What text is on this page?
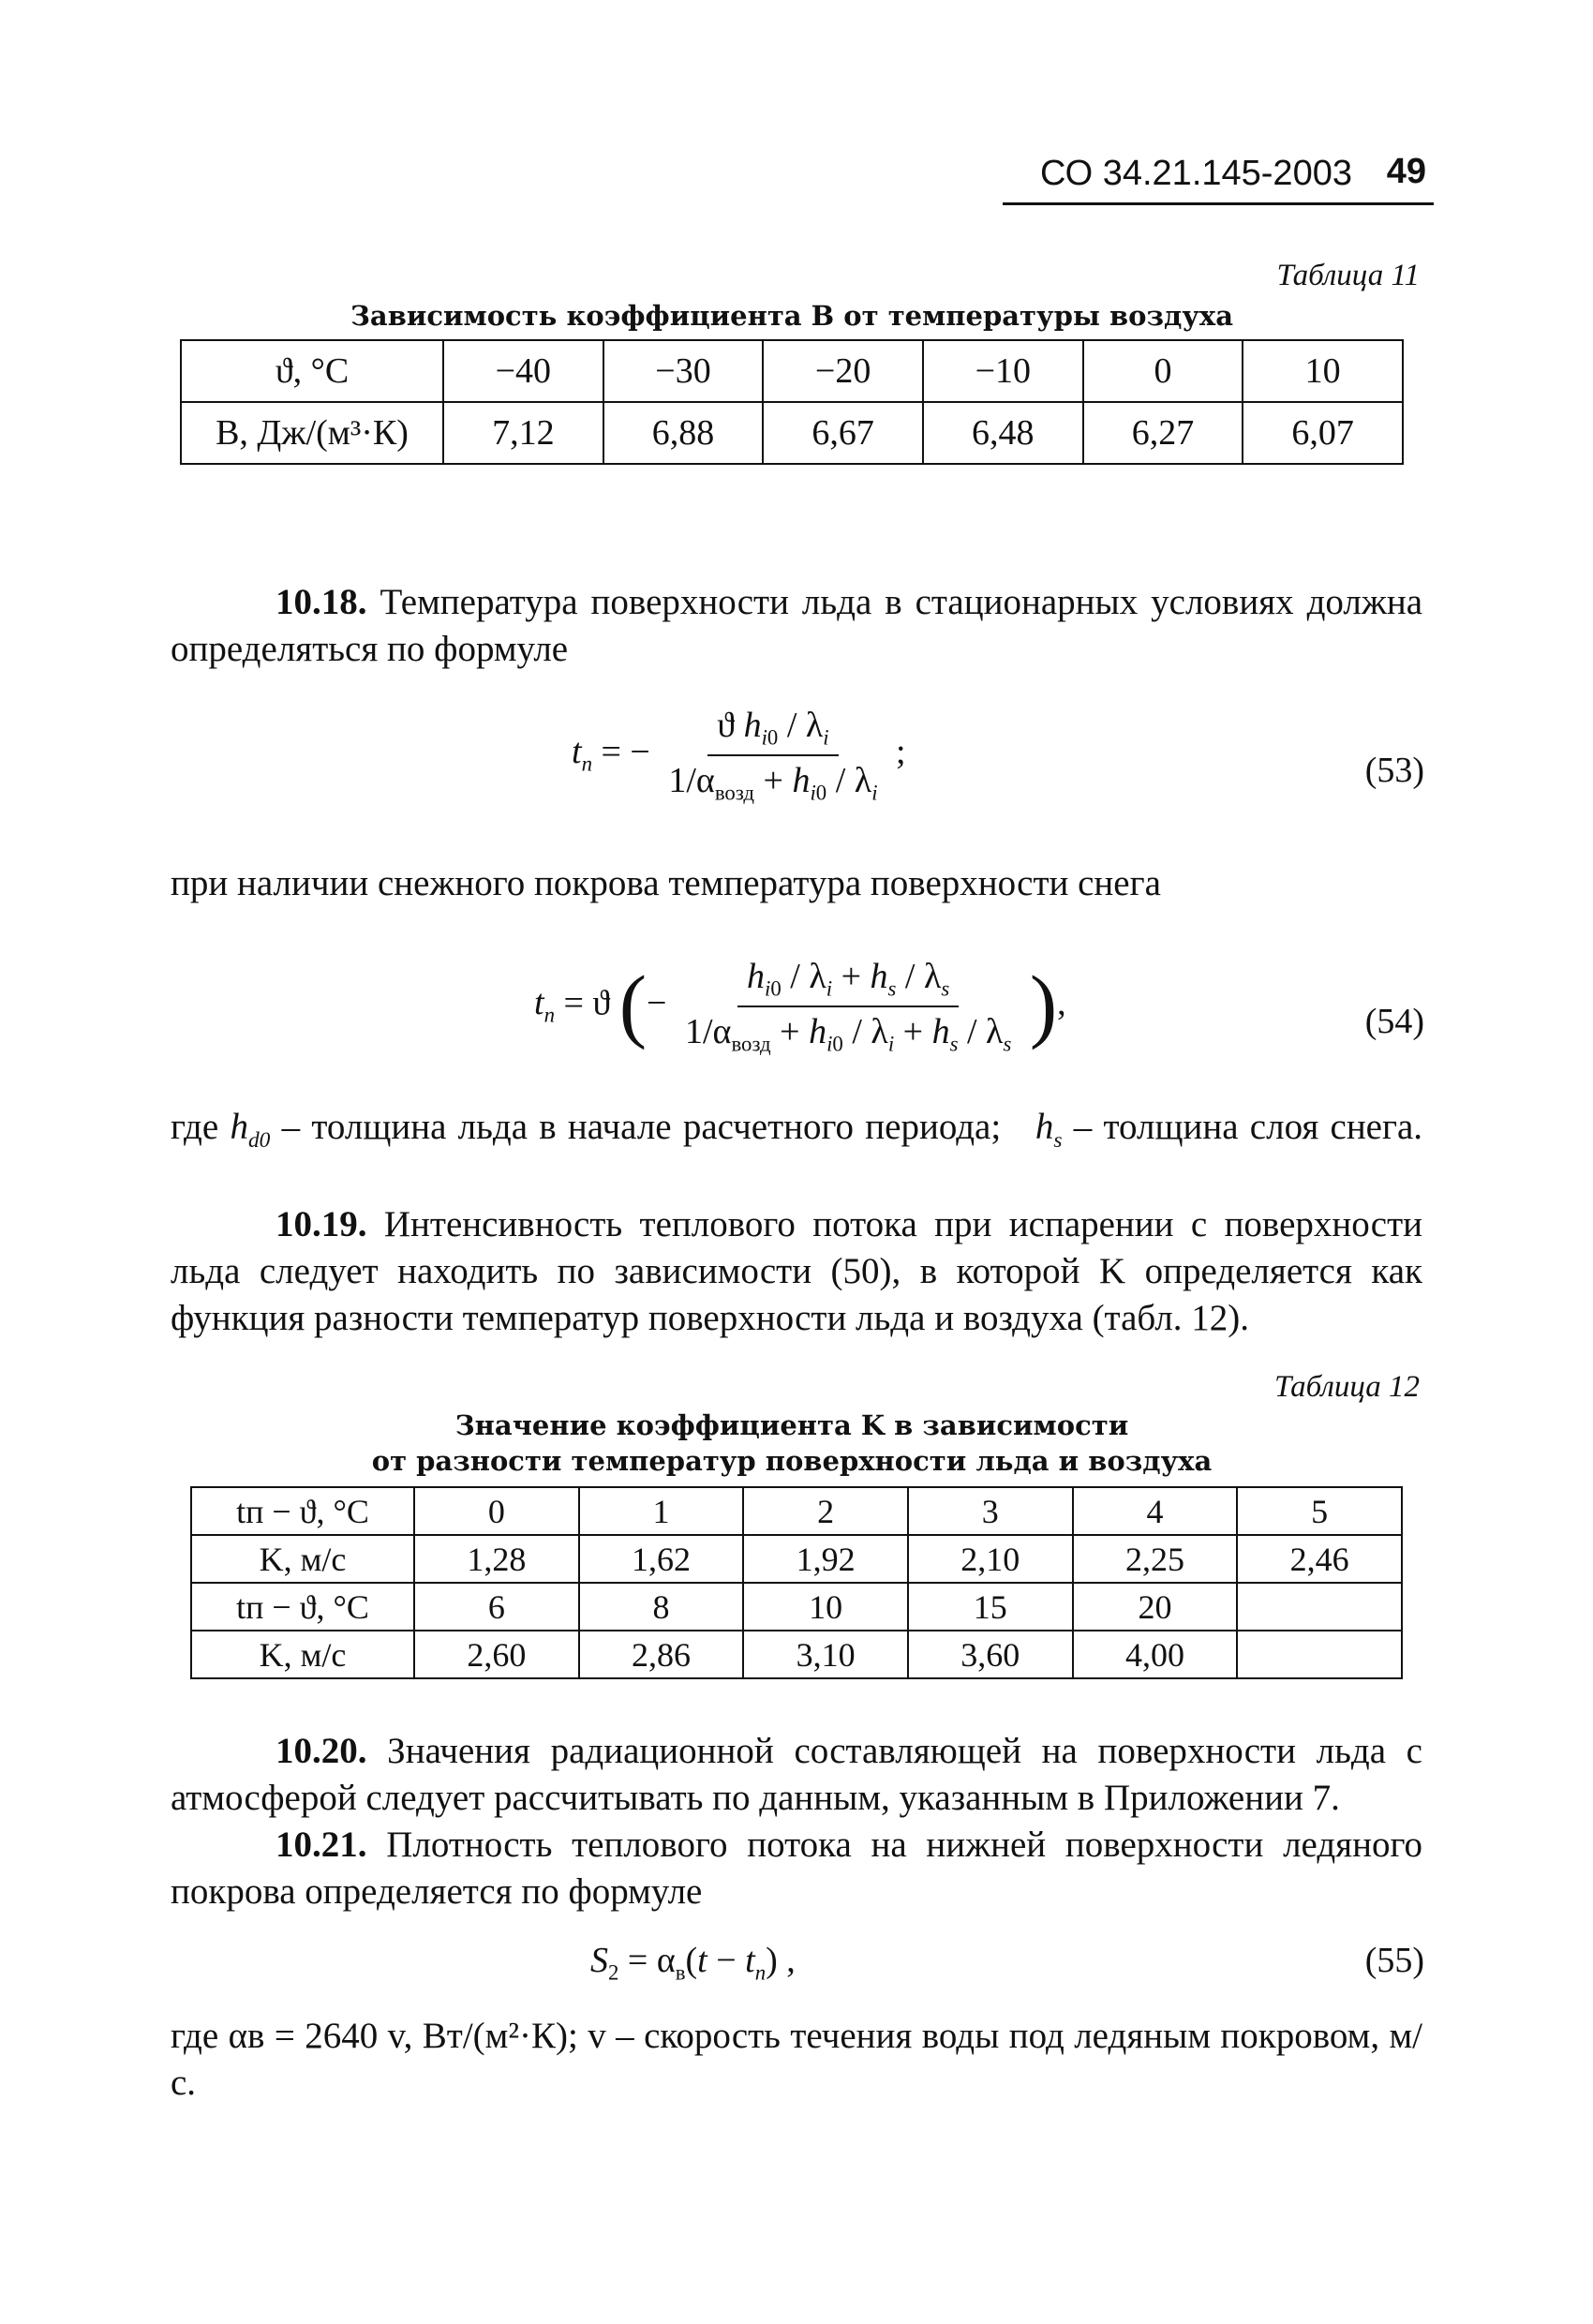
СО 34.21.145-2003 49
Таблица 11
Зависимость коэффициента B от температуры воздуха
ϑ, °C	−40	−30	−20	−10	0	10
B, Дж/(м³·К)	7,12	6,88	6,67	6,48	6,27	6,07
10.18. Температура поверхности льда в стационарных условиях должна определяться по формуле
$t_п$ = − $\frac{ϑ h_{i0} / \lambda_i}{1/\alpha_{возд} + h_{i0} / \lambda_i}$ ;	(53)
при наличии снежного покрова температура поверхности снега
$t_п = ϑ$ (− $\frac{h_{i0} / \lambda_i + h_s / \lambda_s}{1/\alpha_{возд} + h_{i0} / \lambda_i + h_s / \lambda_s}$ ),	(54)
где $h_{d0}$ – толщина льда в начале расчетного периода; $h_s$ – толщина слоя снега.
10.19. Интенсивность теплового потока при испарении с поверхности льда следует находить по зависимости (50), в которой K определяется как функция разности температур поверхности льда и воздуха (табл. 12).
Таблица 12
Значение коэффициента K в зависимости
от разности температур поверхности льда и воздуха
tп − ϑ, °C	0	1	2	3	4	5
K, м/с	1,28	1,62	1,92	2,10	2,25	2,46
tп − ϑ, °C	6	8	10	15	20	
K, м/с	2,60	2,86	3,10	3,60	4,00	
10.20. Значения радиационной составляющей на поверхности льда с атмосферой следует рассчитывать по данным, указанным в Приложении 7.
10.21. Плотность теплового потока на нижней поверхности ледяного покрова определяется по формуле
$S_2 = \alpha_в(t - t_п)$ ,	(55)
где αв = 2640 v, Вт/(м²·К); v – скорость течения воды под ледяным покровом, м/с.
